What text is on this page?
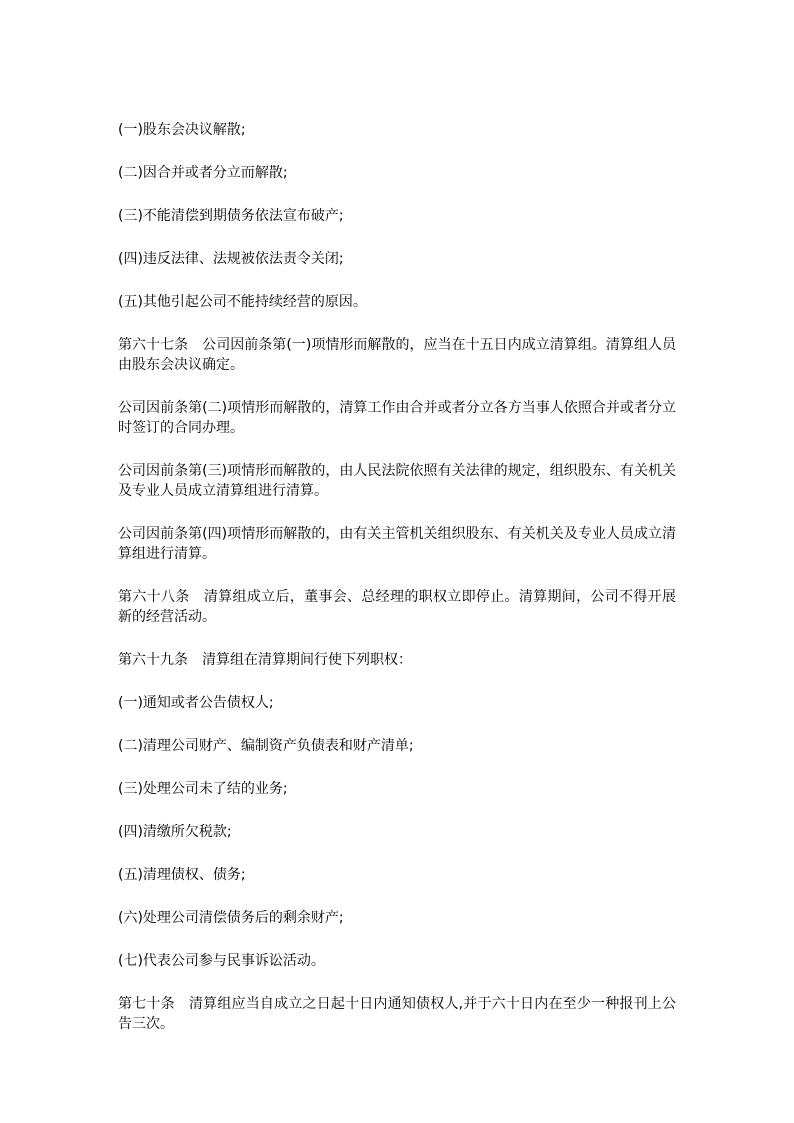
(一)股东会决议解散;

(二)因合并或者分立而解散;

(三)不能清偿到期债务依法宣布破产;

(四)违反法律、法规被依法责令关闭;

(五)其他引起公司不能持续经营的原因。

第六十七条　公司因前条第(一)项情形而解散的，应当在十五日内成立清算组。清算组人员由股东会决议确定。

公司因前条第(二)项情形而解散的，清算工作由合并或者分立各方当事人依照合并或者分立时签订的合同办理。

公司因前条第(三)项情形而解散的，由人民法院依照有关法律的规定，组织股东、有关机关及专业人员成立清算组进行清算。

公司因前条第(四)项情形而解散的，由有关主管机关组织股东、有关机关及专业人员成立清算组进行清算。

第六十八条　清算组成立后，董事会、总经理的职权立即停止。清算期间，公司不得开展新的经营活动。

第六十九条　清算组在清算期间行使下列职权：

(一)通知或者公告债权人;

(二)清理公司财产、编制资产负债表和财产清单;

(三)处理公司未了结的业务;

(四)清缴所欠税款;

(五)清理债权、债务;

(六)处理公司清偿债务后的剩余财产;

(七)代表公司参与民事诉讼活动。

第七十条　清算组应当自成立之日起十日内通知债权人,并于六十日内在至少一种报刊上公告三次。
